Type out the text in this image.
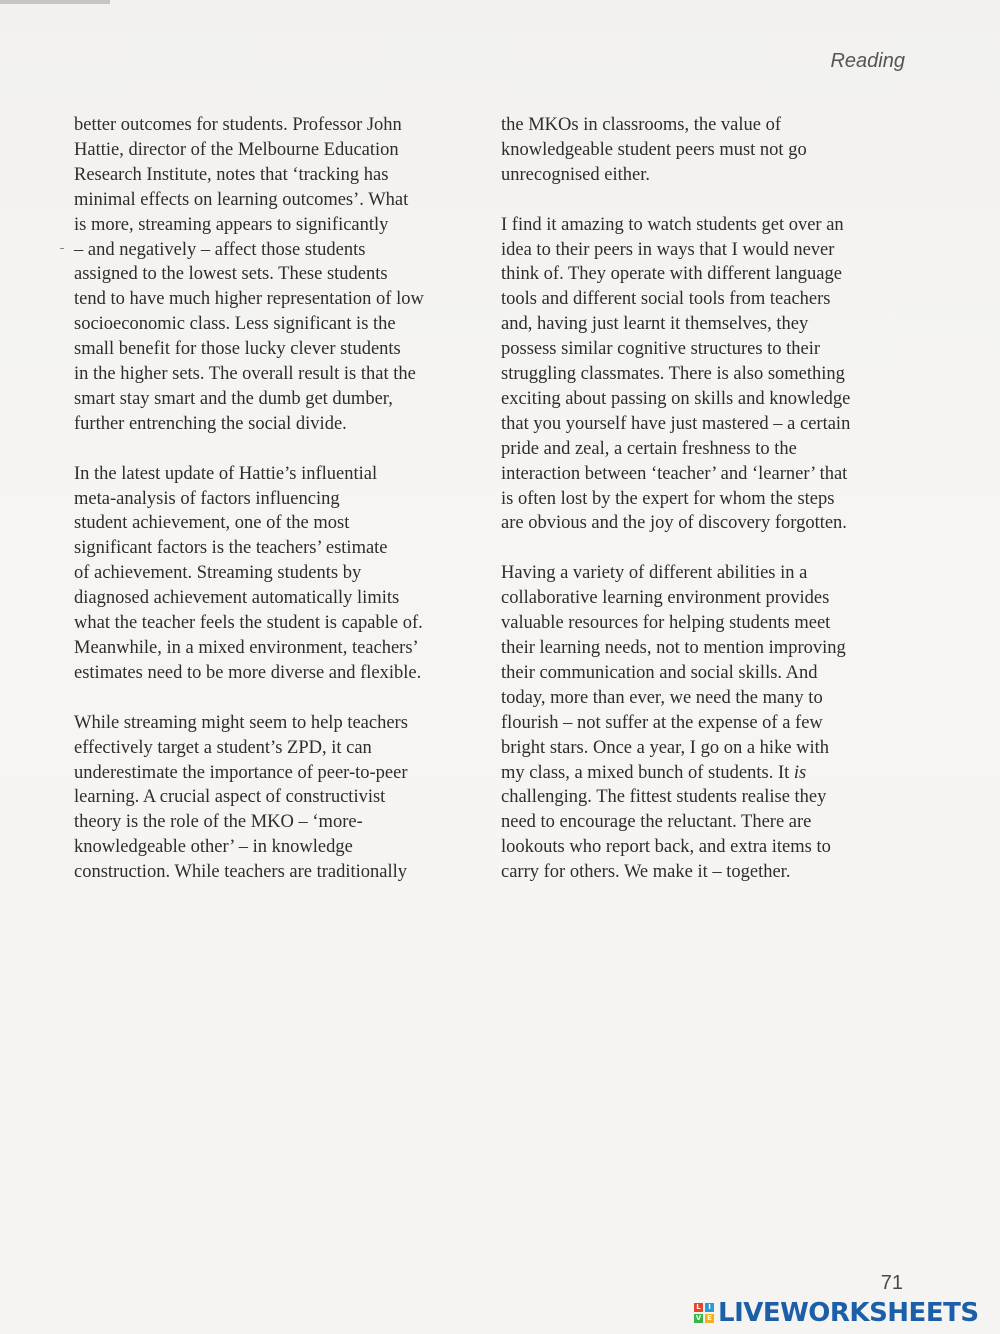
Reading
better outcomes for students. Professor John
Hattie, director of the Melbourne Education
Research Institute, notes that ‘tracking has
minimal effects on learning outcomes’. What
is more, streaming appears to significantly
– and negatively – affect those students
assigned to the lowest sets. These students
tend to have much higher representation of low
socioeconomic class. Less significant is the
small benefit for those lucky clever students
in the higher sets. The overall result is that the
smart stay smart and the dumb get dumber,
further entrenching the social divide.
In the latest update of Hattie’s influential
meta-analysis of factors influencing
student achievement, one of the most
significant factors is the teachers’ estimate
of achievement. Streaming students by
diagnosed achievement automatically limits
what the teacher feels the student is capable of.
Meanwhile, in a mixed environment, teachers’
estimates need to be more diverse and flexible.
While streaming might seem to help teachers
effectively target a student’s ZPD, it can
underestimate the importance of peer-to-peer
learning. A crucial aspect of constructivist
theory is the role of the MKO – ‘more-
knowledgeable other’ – in knowledge
construction. While teachers are traditionally
the MKOs in classrooms, the value of
knowledgeable student peers must not go
unrecognised either.
I find it amazing to watch students get over an
idea to their peers in ways that I would never
think of. They operate with different language
tools and different social tools from teachers
and, having just learnt it themselves, they
possess similar cognitive structures to their
struggling classmates. There is also something
exciting about passing on skills and knowledge
that you yourself have just mastered – a certain
pride and zeal, a certain freshness to the
interaction between ‘teacher’ and ‘learner’ that
is often lost by the expert for whom the steps
are obvious and the joy of discovery forgotten.
Having a variety of different abilities in a
collaborative learning environment provides
valuable resources for helping students meet
their learning needs, not to mention improving
their communication and social skills. And
today, more than ever, we need the many to
flourish – not suffer at the expense of a few
bright stars. Once a year, I go on a hike with
my class, a mixed bunch of students. It is
challenging. The fittest students realise they
need to encourage the reluctant. There are
lookouts who report back, and extra items to
carry for others. We make it – together.
71
L	I
V E LIVEWORKSHEETS
